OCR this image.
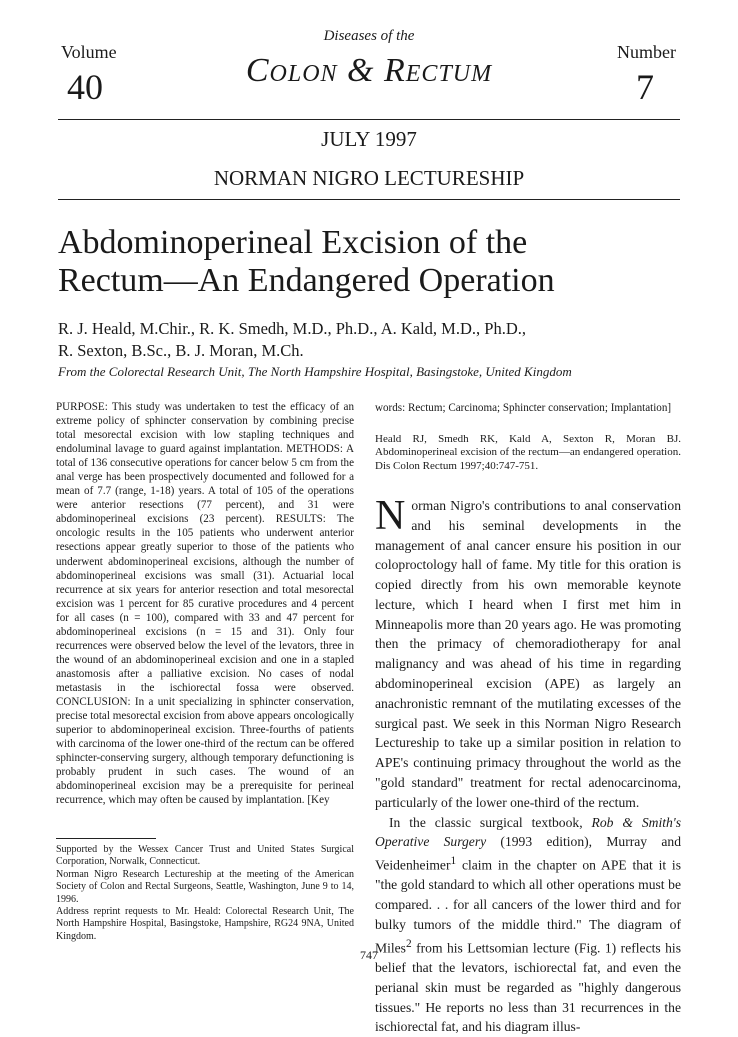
Diseases of the
Volume
40	Colon & Rectum	Number
7
JULY 1997
NORMAN NIGRO LECTURESHIP
Abdominoperineal Excision of the
Rectum—An Endangered Operation
R. J. Heald, M.Chir., R. K. Smedh, M.D., Ph.D., A. Kald, M.D., Ph.D.,
R. Sexton, B.Sc., B. J. Moran, M.Ch.
From the Colorectal Research Unit, The North Hampshire Hospital, Basingstoke, United Kingdom
PURPOSE: This study was undertaken to test the efficacy of an extreme policy of sphincter conservation by combining precise total mesorectal excision with low stapling techniques and endoluminal lavage to guard against implantation. METHODS: A total of 136 consecutive operations for cancer below 5 cm from the anal verge has been prospectively documented and followed for a mean of 7.7 (range, 1-18) years. A total of 105 of the operations were anterior resections (77 percent), and 31 were abdominoperineal excisions (23 percent). RESULTS: The oncologic results in the 105 patients who underwent anterior resections appear greatly superior to those of the patients who underwent abdominoperineal excisions, although the number of abdominoperineal excisions was small (31). Actuarial local recurrence at six years for anterior resection and total mesorectal excision was 1 percent for 85 curative procedures and 4 percent for all cases (n = 100), compared with 33 and 47 percent for abdominoperineal excisions (n = 15 and 31). Only four recurrences were observed below the level of the levators, three in the wound of an abdominoperineal excision and one in a stapled anastomosis after a palliative excision. No cases of nodal metastasis in the ischiorectal fossa were observed. CONCLUSION: In a unit specializing in sphincter conservation, precise total mesorectal excision from above appears oncologically superior to abdominoperineal excision. Three-fourths of patients with carcinoma of the lower one-third of the rectum can be offered sphincter-conserving surgery, although temporary defunctioning is probably prudent in such cases. The wound of an abdominoperineal excision may be a prerequisite for perineal recurrence, which may often be caused by implantation. [Key

Supported by the Wessex Cancer Trust and United States Surgical Corporation, Norwalk, Connecticut.

Norman Nigro Research Lectureship at the meeting of the American Society of Colon and Rectal Surgeons, Seattle, Washington, June 9 to 14, 1996.

Address reprint requests to Mr. Heald: Colorectal Research Unit, The North Hampshire Hospital, Basingstoke, Hampshire, RG24 9NA, United Kingdom.

words: Rectum; Carcinoma; Sphincter conservation; Implantation]
Heald RJ, Smedh RK, Kald A, Sexton R, Moran BJ. Abdominoperineal excision of the rectum—an endangered operation. Dis Colon Rectum 1997;40:747-751.

Norman Nigro's contributions to anal conservation and his seminal developments in the management of anal cancer ensure his position in our coloproctology hall of fame. My title for this oration is copied directly from his own memorable keynote lecture, which I heard when I first met him in Minneapolis more than 20 years ago. He was promoting then the primacy of chemoradiotherapy for anal malignancy and was ahead of his time in regarding abdominoperineal excision (APE) as largely an anachronistic remnant of the mutilating excesses of the surgical past. We seek in this Norman Nigro Research Lectureship to take up a similar position in relation to APE's continuing primacy throughout the world as the "gold standard" treatment for rectal adenocarcinoma, particularly of the lower one-third of the rectum.

In the classic surgical textbook, Rob & Smith's Operative Surgery (1993 edition), Murray and Veidenheimer$^1$ claim in the chapter on APE that it is "the gold standard to which all other operations must be compared. . . for all cancers of the lower third and for bulky tumors of the middle third." The diagram of Miles$^2$ from his Lettsomian lecture (Fig. 1) reflects his belief that the levators, ischiorectal fat, and even the perianal skin must be regarded as "highly dangerous tissues." He reports no less than 31 recurrences in the ischiorectal fat, and his diagram illus-

747
